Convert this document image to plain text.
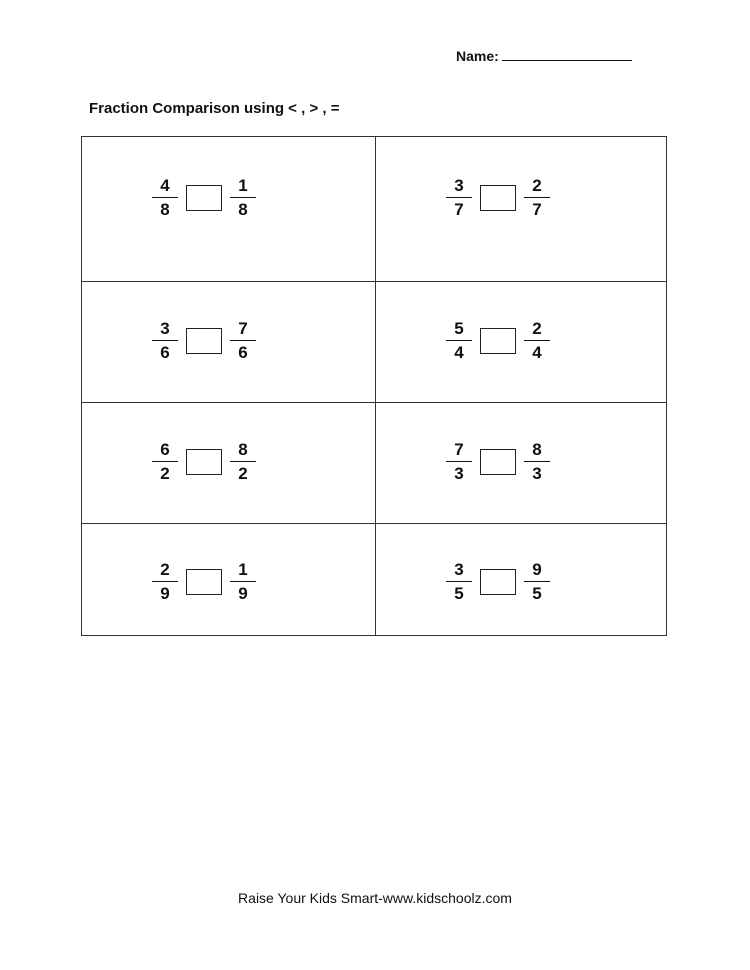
Name:
Fraction Comparison using < , > , =
$\frac{4}{8}$	$\frac{1}{8}$	$\frac{3}{7}$	$\frac{2}{7}$
$\frac{3}{6}$	$\frac{7}{6}$	$\frac{5}{4}$	$\frac{2}{4}$
$\frac{6}{2}$	$\frac{8}{2}$	$\frac{7}{3}$	$\frac{8}{3}$
$\frac{2}{9}$	$\frac{1}{9}$	$\frac{3}{5}$	$\frac{9}{5}$
Raise Your Kids Smart-www.kidschoolz.com
